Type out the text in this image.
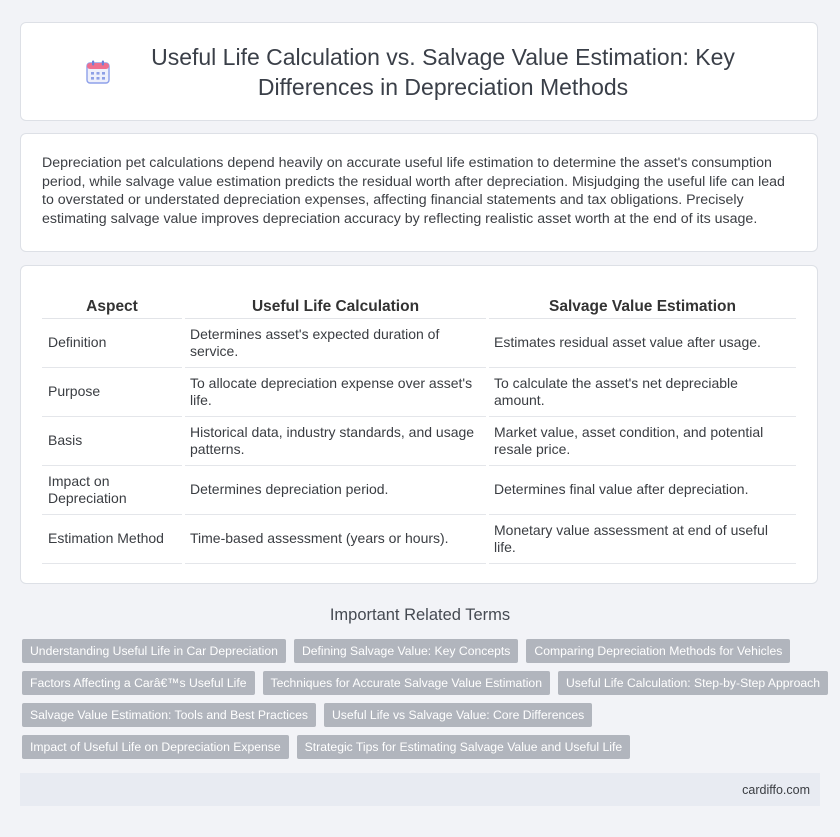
Useful Life Calculation vs. Salvage Value Estimation: Key Differences in Depreciation Methods

Depreciation pet calculations depend heavily on accurate useful life estimation to determine the asset's consumption period, while salvage value estimation predicts the residual worth after depreciation. Misjudging the useful life can lead to overstated or understated depreciation expenses, affecting financial statements and tax obligations. Precisely estimating salvage value improves depreciation accuracy by reflecting realistic asset worth at the end of its usage.

Aspect	Useful Life Calculation	Salvage Value Estimation
Definition	Determines asset's expected duration of service.	Estimates residual asset value after usage.
Purpose	To allocate depreciation expense over asset's life.	To calculate the asset's net depreciable amount.
Basis	Historical data, industry standards, and usage patterns.	Market value, asset condition, and potential resale price.
Impact on Depreciation	Determines depreciation period.	Determines final value after depreciation.
Estimation Method	Time-based assessment (years or hours).	Monetary value assessment at end of useful life.
Important Related Terms
Understanding Useful Life in Car Depreciation	Defining Salvage Value: Key Concepts	Comparing Depreciation Methods for Vehicles
Factors Affecting a Carâ€™s Useful Life	Techniques for Accurate Salvage Value Estimation	Useful Life Calculation: Step-by-Step Approach
Salvage Value Estimation: Tools and Best Practices	Useful Life vs Salvage Value: Core Differences
Impact of Useful Life on Depreciation Expense	Strategic Tips for Estimating Salvage Value and Useful Life
cardiffo.com
